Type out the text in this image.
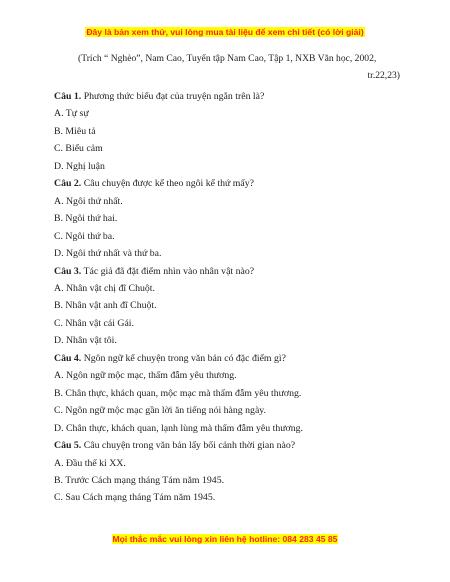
Đây là bản xem thử, vui lòng mua tài liệu để xem chi tiết (có lời giải)
(Trích “ Nghèo”, Nam Cao, Tuyển tập Nam Cao, Tập 1, NXB Văn học, 2002,
tr.22,23)
Câu 1. Phương thức biểu đạt của truyện ngắn trên là?
A. Tự sự
B. Miêu tả
C. Biểu cảm
D. Nghị luận
Câu 2. Câu chuyện được kể theo ngôi kể thứ mấy?
A. Ngôi thứ nhất.
B. Ngôi thứ hai.
C. Ngôi thứ ba.
D. Ngôi thứ nhất và thứ ba.
Câu 3. Tác giả đã đặt điểm nhìn vào nhân vật nào?
A. Nhân vật chị đĩ Chuột.
B. Nhân vật anh đĩ Chuột.
C. Nhân vật cái Gái.
D. Nhân vật tôi.
Câu 4. Ngôn ngữ kể chuyện trong văn bản có đặc điểm gì?
A. Ngôn ngữ mộc mạc, thấm đẫm yêu thương.
B. Chân thực, khách quan, mộc mạc mà thấm đẫm yêu thương.
C. Ngôn ngữ mộc mạc gần lời ăn tiếng nói hàng ngày.
D. Chân thực, khách quan, lạnh lùng mà thấm đẫm yêu thương.
Câu 5. Câu chuyện trong văn bản lấy bối cảnh thời gian nào?
A. Đầu thế kỉ XX.
B. Trước Cách mạng tháng Tám năm 1945.
C. Sau Cách mạng tháng Tám năm 1945.
Mọi thắc mắc vui lòng xin liên hệ hotline: 084 283 45 85
